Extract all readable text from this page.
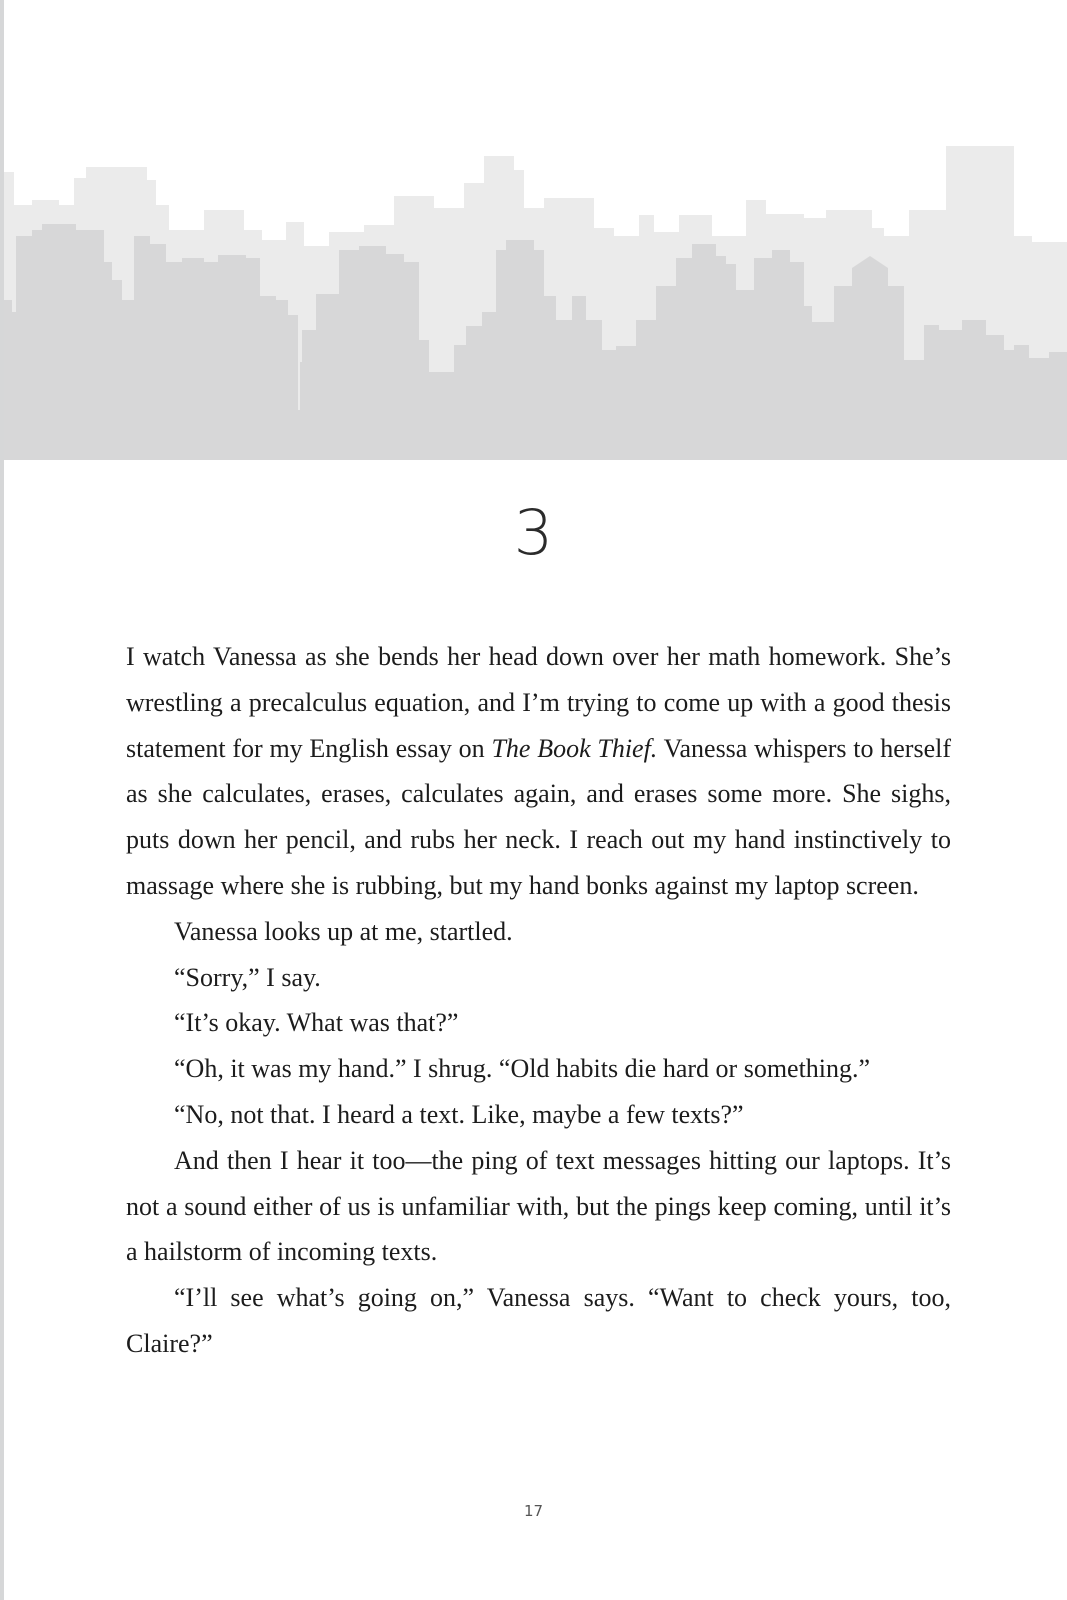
3

I watch Vanessa as she bends her head down over her math homework. She’s wrestling a precalculus equation, and I’m trying to come up with a good thesis statement for my English essay on The Book Thief. Vanessa whispers to herself as she calculates, erases, calculates again, and erases some more. She sighs, puts down her pencil, and rubs her neck. I reach out my hand instinctively to massage where she is rubbing, but my hand bonks against my laptop screen.

Vanessa looks up at me, startled.

“Sorry,” I say.

“It’s okay. What was that?”

“Oh, it was my hand.” I shrug. “Old habits die hard or something.”

“No, not that. I heard a text. Like, maybe a few texts?”

And then I hear it too—the ping of text messages hitting our laptops. It’s not a sound either of us is unfamiliar with, but the pings keep coming, until it’s a hailstorm of incoming texts.

“I’ll see what’s going on,” Vanessa says. “Want to check yours, too, Claire?”

17
